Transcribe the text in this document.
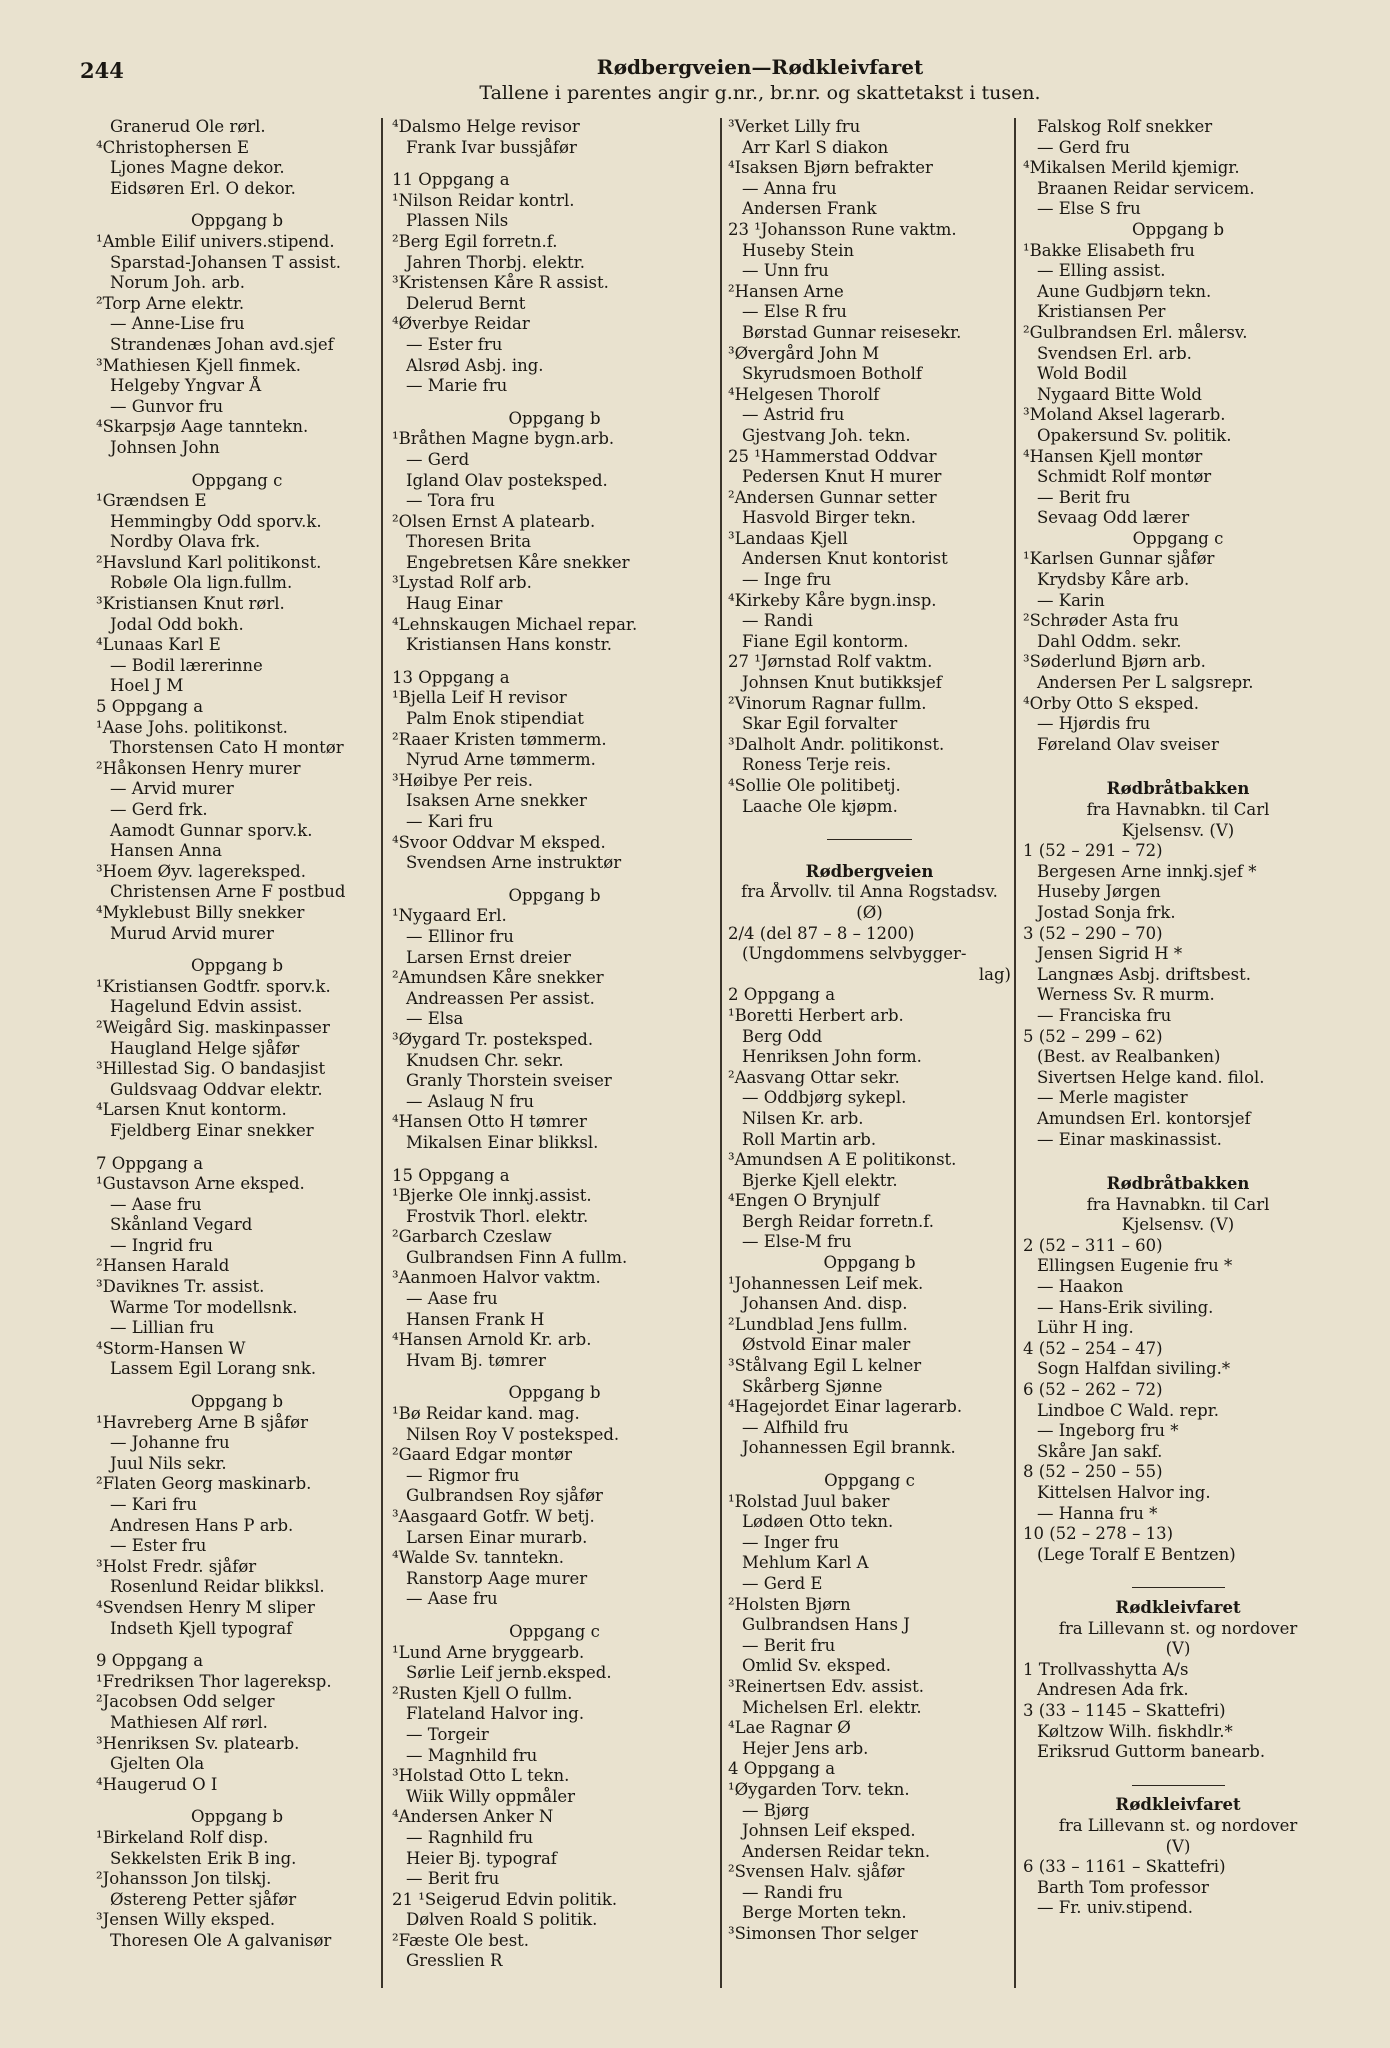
244	Rødbergveien—Rødkleivfaret
Tallene i parentes angir g.nr., br.nr. og skattetakst i tusen.
Granerud Ole rørl.
⁴Christophersen E
Ljones Magne dekor.
Eidsøren Erl. O dekor.
Oppgang b
¹Amble Eilif univers.stipend.
Sparstad-Johansen T assist.
Norum Joh. arb.
²Torp Arne elektr.
— Anne-Lise fru
Strandenæs Johan avd.sjef
³Mathiesen Kjell finmek.
Helgeby Yngvar Å
— Gunvor fru
⁴Skarpsjø Aage tanntekn.
Johnsen John
Oppgang c
¹Grændsen E
Hemmingby Odd sporv.k.
Nordby Olava frk.
²Havslund Karl politikonst.
Robøle Ola lign.fullm.
³Kristiansen Knut rørl.
Jodal Odd bokh.
⁴Lunaas Karl E
— Bodil lærerinne
Hoel J M
5 Oppgang a
¹Aase Johs. politikonst.
Thorstensen Cato H montør
²Håkonsen Henry murer
— Arvid murer
— Gerd frk.
Aamodt Gunnar sporv.k.
Hansen Anna
³Hoem Øyv. lagereksped.
Christensen Arne F postbud
⁴Myklebust Billy snekker
Murud Arvid murer
Oppgang b
¹Kristiansen Godtfr. sporv.k.
Hagelund Edvin assist.
²Weigård Sig. maskinpasser
Haugland Helge sjåfør
³Hillestad Sig. O bandasjist
Guldsvaag Oddvar elektr.
⁴Larsen Knut kontorm.
Fjeldberg Einar snekker
7 Oppgang a
¹Gustavson Arne eksped.
— Aase fru
Skånland Vegard
— Ingrid fru
²Hansen Harald
³Daviknes Tr. assist.
Warme Tor modellsnk.
— Lillian fru
⁴Storm-Hansen W
Lassem Egil Lorang snk.
Oppgang b
¹Havreberg Arne B sjåfør
— Johanne fru
Juul Nils sekr.
²Flaten Georg maskinarb.
— Kari fru
Andresen Hans P arb.
— Ester fru
³Holst Fredr. sjåfør
Rosenlund Reidar blikksl.
⁴Svendsen Henry M sliper
Indseth Kjell typograf
9 Oppgang a
¹Fredriksen Thor lagereksp.
²Jacobsen Odd selger
Mathiesen Alf rørl.
³Henriksen Sv. platearb.
Gjelten Ola
⁴Haugerud O I
Oppgang b
¹Birkeland Rolf disp.
Sekkelsten Erik B ing.
²Johansson Jon tilskj.
Østereng Petter sjåfør
³Jensen Willy eksped.
Thoresen Ole A galvanisør
⁴Dalsmo Helge revisor
Frank Ivar bussjåfør
11 Oppgang a
¹Nilson Reidar kontrl.
Plassen Nils
²Berg Egil forretn.f.
Jahren Thorbj. elektr.
³Kristensen Kåre R assist.
Delerud Bernt
⁴Øverbye Reidar
— Ester fru
Alsrød Asbj. ing.
— Marie fru
Oppgang b
¹Bråthen Magne bygn.arb.
— Gerd
Igland Olav posteksped.
— Tora fru
²Olsen Ernst A platearb.
Thoresen Brita
Engebretsen Kåre snekker
³Lystad Rolf arb.
Haug Einar
⁴Lehnskaugen Michael repar.
Kristiansen Hans konstr.
13 Oppgang a
¹Bjella Leif H revisor
Palm Enok stipendiat
²Raaer Kristen tømmerm.
Nyrud Arne tømmerm.
³Høibye Per reis.
Isaksen Arne snekker
— Kari fru
⁴Svoor Oddvar M eksped.
Svendsen Arne instruktør
Oppgang b
¹Nygaard Erl.
— Ellinor fru
Larsen Ernst dreier
²Amundsen Kåre snekker
Andreassen Per assist.
— Elsa
³Øygard Tr. posteksped.
Knudsen Chr. sekr.
Granly Thorstein sveiser
— Aslaug N fru
⁴Hansen Otto H tømrer
Mikalsen Einar blikksl.
15 Oppgang a
¹Bjerke Ole innkj.assist.
Frostvik Thorl. elektr.
²Garbarch Czeslaw
Gulbrandsen Finn A fullm.
³Aanmoen Halvor vaktm.
— Aase fru
Hansen Frank H
⁴Hansen Arnold Kr. arb.
Hvam Bj. tømrer
Oppgang b
¹Bø Reidar kand. mag.
Nilsen Roy V posteksped.
²Gaard Edgar montør
— Rigmor fru
Gulbrandsen Roy sjåfør
³Aasgaard Gotfr. W betj.
Larsen Einar murarb.
⁴Walde Sv. tanntekn.
Ranstorp Aage murer
— Aase fru
Oppgang c
¹Lund Arne bryggearb.
Sørlie Leif jernb.eksped.
²Rusten Kjell O fullm.
Flateland Halvor ing.
— Torgeir
— Magnhild fru
³Holstad Otto L tekn.
Wiik Willy oppmåler
⁴Andersen Anker N
— Ragnhild fru
Heier Bj. typograf
— Berit fru
21 ¹Seigerud Edvin politik.
Dølven Roald S politik.
²Fæste Ole best.
Gresslien R
³Verket Lilly fru
Arr Karl S diakon
⁴Isaksen Bjørn befrakter
— Anna fru
Andersen Frank
23 ¹Johansson Rune vaktm.
Huseby Stein
— Unn fru
²Hansen Arne
— Else R fru
Børstad Gunnar reisesekr.
³Øvergård John M
Skyrudsmoen Botholf
⁴Helgesen Thorolf
— Astrid fru
Gjestvang Joh. tekn.
25 ¹Hammerstad Oddvar
Pedersen Knut H murer
²Andersen Gunnar setter
Hasvold Birger tekn.
³Landaas Kjell
Andersen Knut kontorist
— Inge fru
⁴Kirkeby Kåre bygn.insp.
— Randi
Fiane Egil kontorm.
27 ¹Jørnstad Rolf vaktm.
Johnsen Knut butikksjef
²Vinorum Ragnar fullm.
Skar Egil forvalter
³Dalholt Andr. politikonst.
Roness Terje reis.
⁴Sollie Ole politibetj.
Laache Ole kjøpm.
Rødbergveien
fra Årvollv. til Anna Rogstadsv.
(Ø)
2/4 (del 87 – 8 – 1200)
(Ungdommens selvbygger-
lag)
2 Oppgang a
¹Boretti Herbert arb.
Berg Odd
Henriksen John form.
²Aasvang Ottar sekr.
— Oddbjørg sykepl.
Nilsen Kr. arb.
Roll Martin arb.
³Amundsen A E politikonst.
Bjerke Kjell elektr.
⁴Engen O Brynjulf
Bergh Reidar forretn.f.
— Else-M fru
Oppgang b
¹Johannessen Leif mek.
Johansen And. disp.
²Lundblad Jens fullm.
Østvold Einar maler
³Stålvang Egil L kelner
Skårberg Sjønne
⁴Hagejordet Einar lagerarb.
— Alfhild fru
Johannessen Egil brannk.
Oppgang c
¹Rolstad Juul baker
Lødøen Otto tekn.
— Inger fru
Mehlum Karl A
— Gerd E
²Holsten Bjørn
Gulbrandsen Hans J
— Berit fru
Omlid Sv. eksped.
³Reinertsen Edv. assist.
Michelsen Erl. elektr.
⁴Lae Ragnar Ø
Hejer Jens arb.
4 Oppgang a
¹Øygarden Torv. tekn.
— Bjørg
Johnsen Leif eksped.
Andersen Reidar tekn.
²Svensen Halv. sjåfør
— Randi fru
Berge Morten tekn.
³Simonsen Thor selger
Falskog Rolf snekker
— Gerd fru
⁴Mikalsen Merild kjemigr.
Braanen Reidar servicem.
— Else S fru
Oppgang b
¹Bakke Elisabeth fru
— Elling assist.
Aune Gudbjørn tekn.
Kristiansen Per
²Gulbrandsen Erl. målersv.
Svendsen Erl. arb.
Wold Bodil
Nygaard Bitte Wold
³Moland Aksel lagerarb.
Opakersund Sv. politik.
⁴Hansen Kjell montør
Schmidt Rolf montør
— Berit fru
Sevaag Odd lærer
Oppgang c
¹Karlsen Gunnar sjåfør
Krydsby Kåre arb.
— Karin
²Schrøder Asta fru
Dahl Oddm. sekr.
³Søderlund Bjørn arb.
Andersen Per L salgsrepr.
⁴Orby Otto S eksped.
— Hjørdis fru
Føreland Olav sveiser
Rødbråtbakken
fra Havnabkn. til Carl
Kjelsensv. (V)
1 (52 – 291 – 72)
Bergesen Arne innkj.sjef *
Huseby Jørgen
Jostad Sonja frk.
3 (52 – 290 – 70)
Jensen Sigrid H *
Langnæs Asbj. driftsbest.
Werness Sv. R murm.
— Franciska fru
5 (52 – 299 – 62)
(Best. av Realbanken)
Sivertsen Helge kand. filol.
— Merle magister
Amundsen Erl. kontorsjef
— Einar maskinassist.
Rødbråtbakken
fra Havnabkn. til Carl
Kjelsensv. (V)
2 (52 – 311 – 60)
Ellingsen Eugenie fru *
— Haakon
— Hans-Erik siviling.
Lühr H ing.
4 (52 – 254 – 47)
Sogn Halfdan siviling.*
6 (52 – 262 – 72)
Lindboe C Wald. repr.
— Ingeborg fru *
Skåre Jan sakf.
8 (52 – 250 – 55)
Kittelsen Halvor ing.
— Hanna fru *
10 (52 – 278 – 13)
(Lege Toralf E Bentzen)
Rødkleivfaret
fra Lillevann st. og nordover
(V)
1 Trollvasshytta A/s
Andresen Ada frk.
3 (33 – 1145 – Skattefri)
Køltzow Wilh. fiskhdlr.*
Eriksrud Guttorm banearb.
Rødkleivfaret
fra Lillevann st. og nordover
(V)
6 (33 – 1161 – Skattefri)
Barth Tom professor
— Fr. univ.stipend.
